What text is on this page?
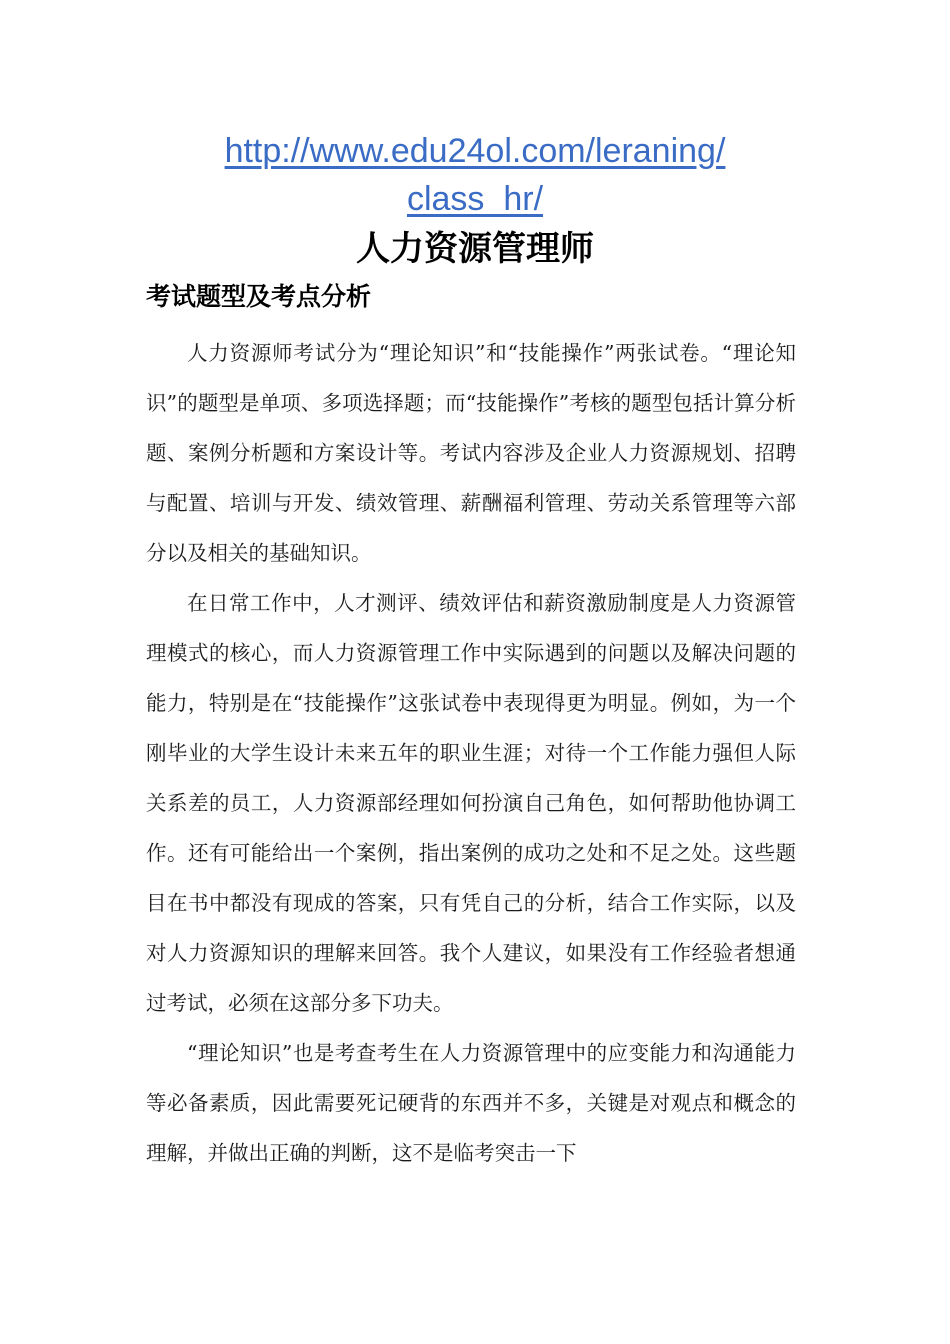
http://www.edu24ol.com/leraning/
class_hr/
人力资源管理师
考试题型及考点分析

人力资源师考试分为“理论知识”和“技能操作”两张试卷。“理论知识”的题型是单项、多项选择题；而“技能操作”考核的题型包括计算分析题、案例分析题和方案设计等。考试内容涉及企业人力资源规划、招聘与配置、培训与开发、绩效管理、薪酬福利管理、劳动关系管理等六部分以及相关的基础知识。

在日常工作中，人才测评、绩效评估和薪资激励制度是人力资源管理模式的核心，而人力资源管理工作中实际遇到的问题以及解决问题的能力，特别是在“技能操作”这张试卷中表现得更为明显。例如，为一个刚毕业的大学生设计未来五年的职业生涯；对待一个工作能力强但人际关系差的员工，人力资源部经理如何扮演自己角色，如何帮助他协调工作。还有可能给出一个案例，指出案例的成功之处和不足之处。这些题目在书中都没有现成的答案，只有凭自己的分析，结合工作实际，以及对人力资源知识的理解来回答。我个人建议，如果没有工作经验者想通过考试，必须在这部分多下功夫。

“理论知识”也是考查考生在人力资源管理中的应变能力和沟通能力等必备素质，因此需要死记硬背的东西并不多，关键是对观点和概念的理解，并做出正确的判断，这不是临考突击一下
